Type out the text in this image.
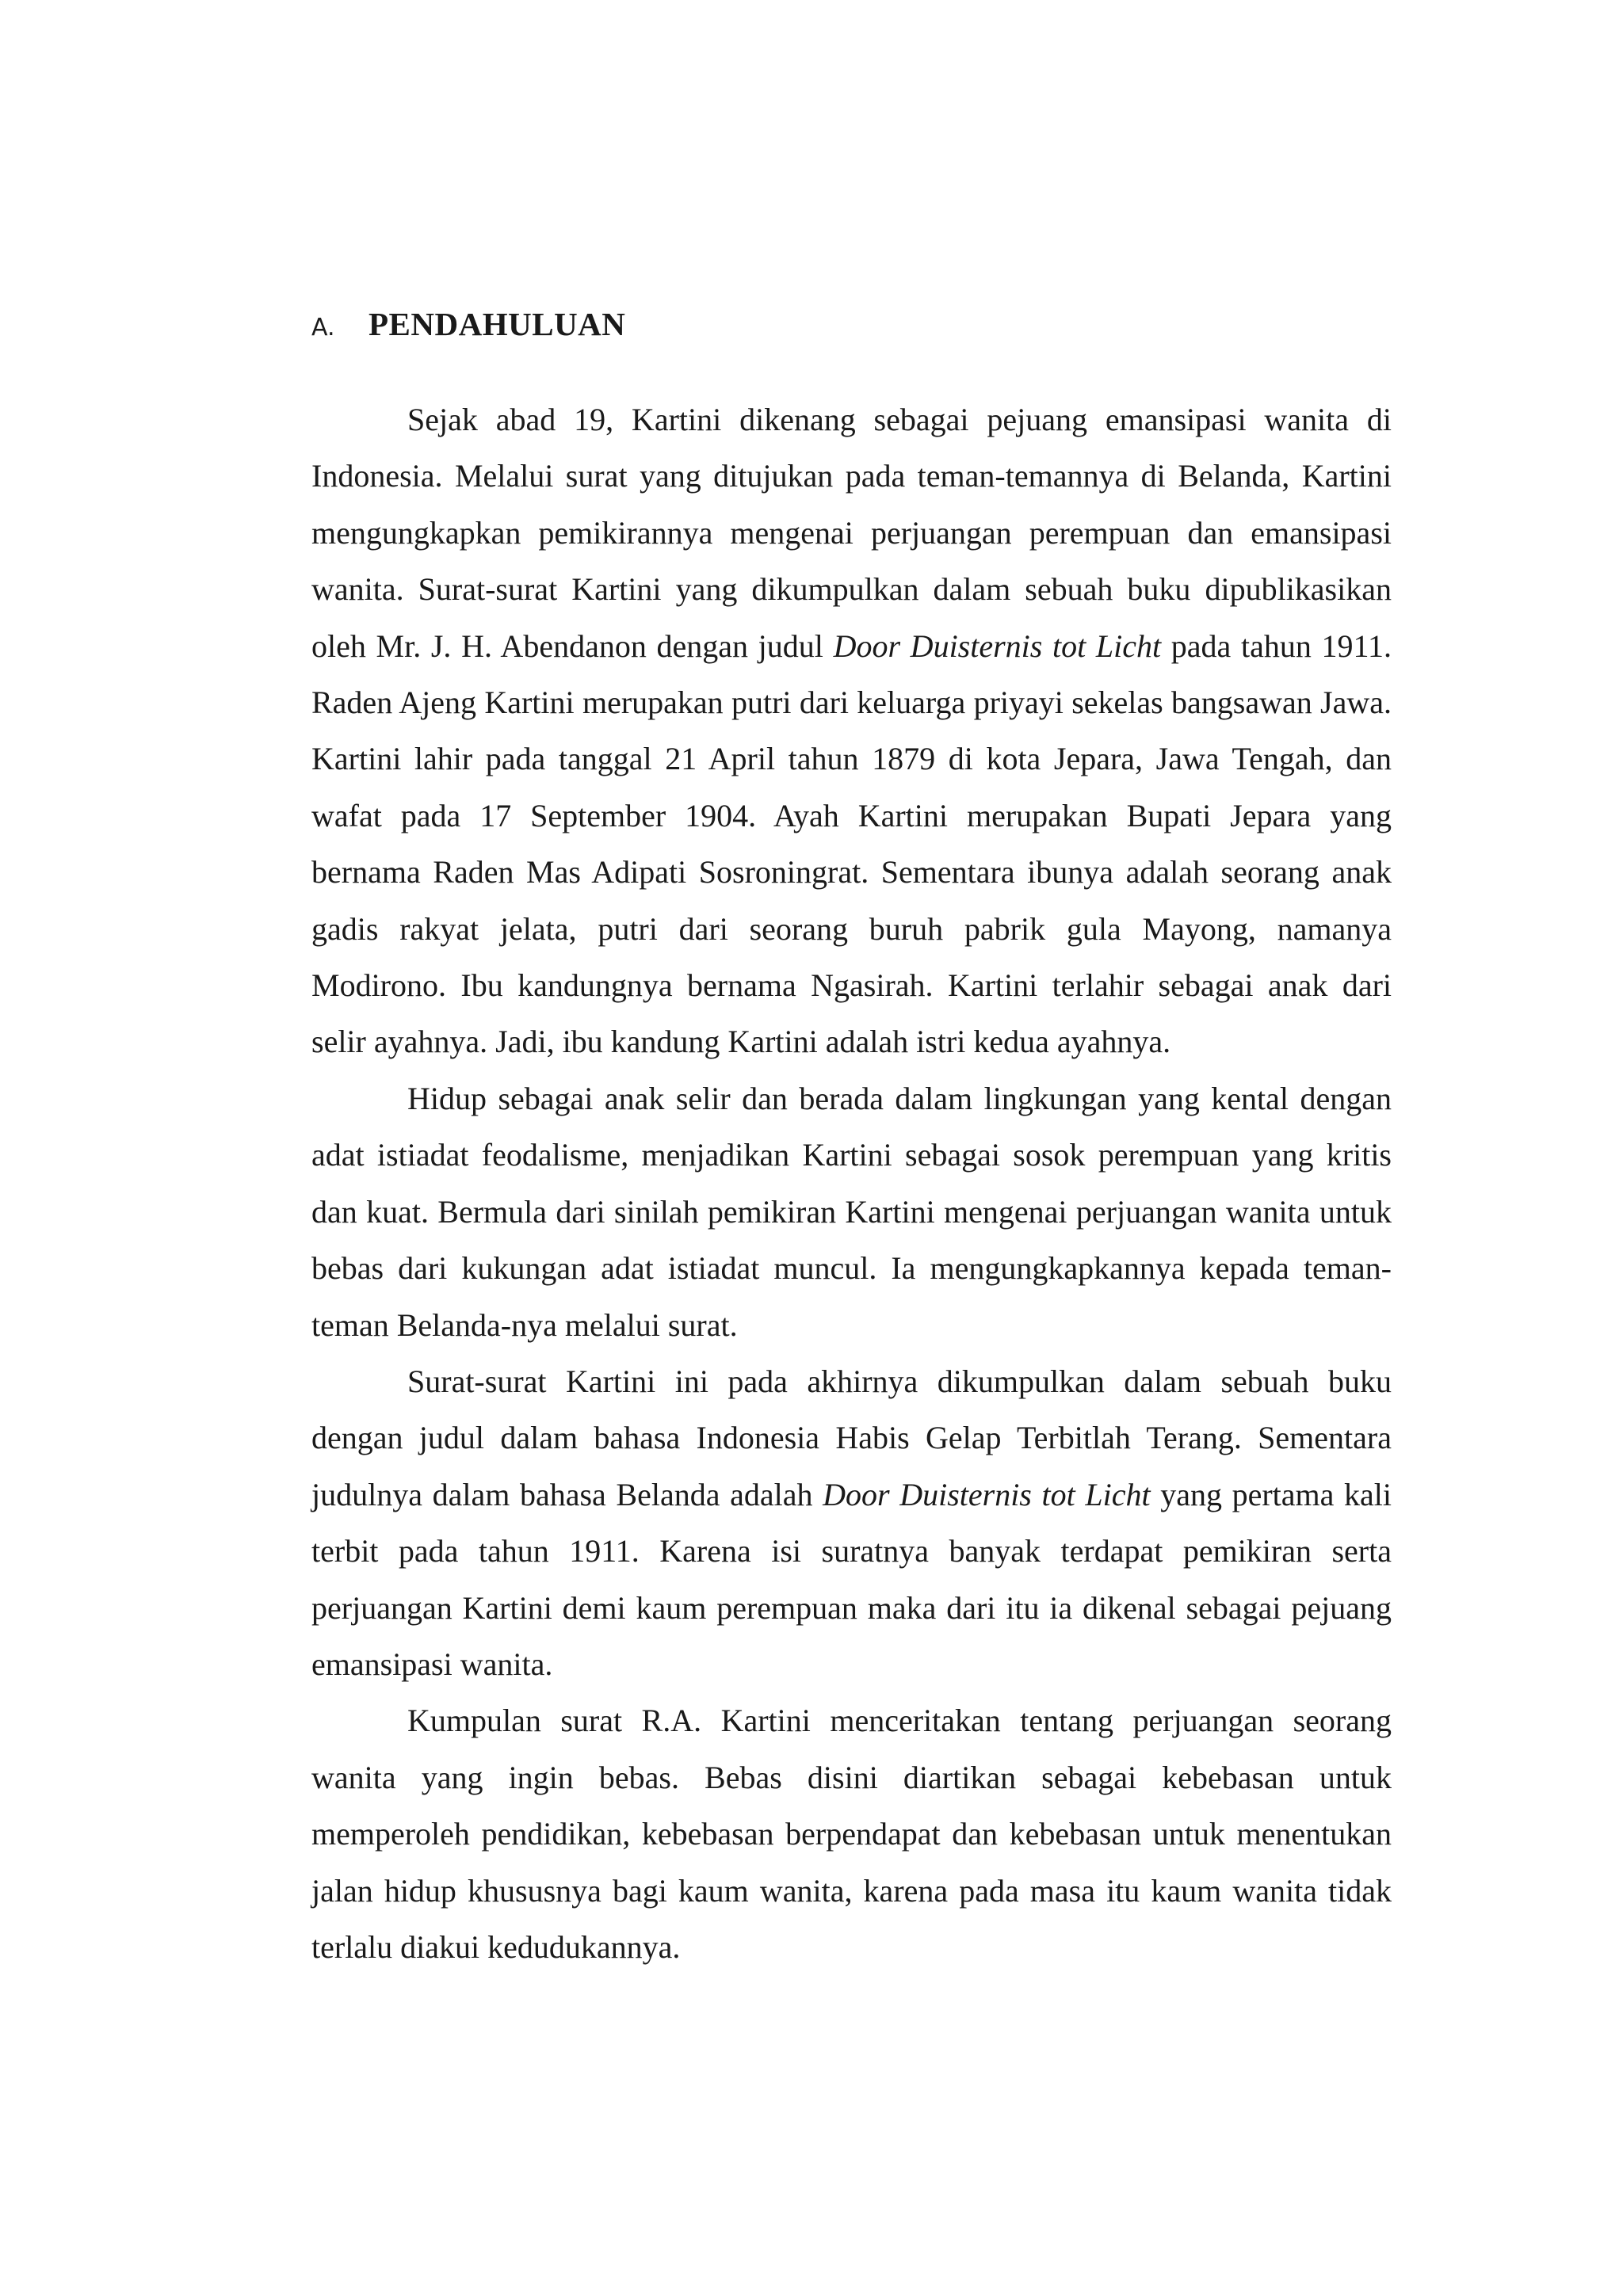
A.	PENDAHULUAN

Sejak abad 19, Kartini dikenang sebagai pejuang emansipasi wanita di Indonesia. Melalui surat yang ditujukan pada teman-temannya di Belanda, Kartini mengungkapkan pemikirannya mengenai perjuangan perempuan dan emansipasi wanita. Surat-surat Kartini yang dikumpulkan dalam sebuah buku dipublikasikan oleh Mr. J. H. Abendanon dengan judul Door Duisternis tot Licht pada tahun 1911. Raden Ajeng Kartini merupakan putri dari keluarga priyayi sekelas bangsawan Jawa. Kartini lahir pada tanggal 21 April tahun 1879 di kota Jepara, Jawa Tengah, dan wafat pada 17 September 1904. Ayah Kartini merupakan Bupati Jepara yang bernama Raden Mas Adipati Sosroningrat. Sementara ibunya adalah seorang anak gadis rakyat jelata, putri dari seorang buruh pabrik gula Mayong, namanya Modirono. Ibu kandungnya bernama Ngasirah. Kartini terlahir sebagai anak dari selir ayahnya. Jadi, ibu kandung Kartini adalah istri kedua ayahnya.

Hidup sebagai anak selir dan berada dalam lingkungan yang kental dengan adat istiadat feodalisme, menjadikan Kartini sebagai sosok perempuan yang kritis dan kuat. Bermula dari sinilah pemikiran Kartini mengenai perjuangan wanita untuk bebas dari kukungan adat istiadat muncul. Ia mengungkapkannya kepada teman-teman Belanda-nya melalui surat.

Surat-surat Kartini ini pada akhirnya dikumpulkan dalam sebuah buku dengan judul dalam bahasa Indonesia Habis Gelap Terbitlah Terang. Sementara judulnya dalam bahasa Belanda adalah Door Duisternis tot Licht yang pertama kali terbit pada tahun 1911. Karena isi suratnya banyak terdapat pemikiran serta perjuangan Kartini demi kaum perempuan maka dari itu ia dikenal sebagai pejuang emansipasi wanita.

Kumpulan surat R.A. Kartini menceritakan tentang perjuangan seorang wanita yang ingin bebas. Bebas disini diartikan sebagai kebebasan untuk memperoleh pendidikan, kebebasan berpendapat dan kebebasan untuk menentukan jalan hidup khususnya bagi kaum wanita, karena pada masa itu kaum wanita tidak terlalu diakui kedudukannya.
